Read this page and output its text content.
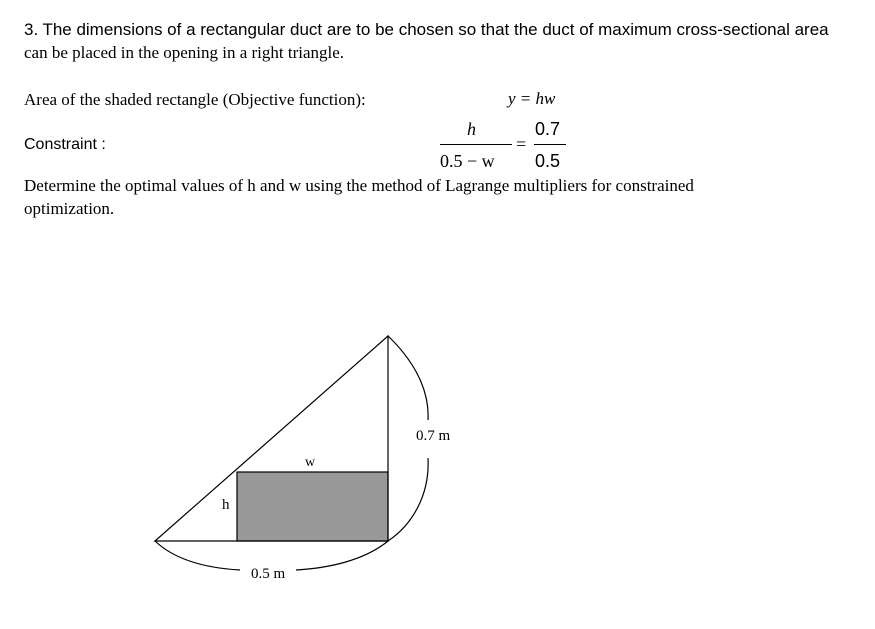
3. The dimensions of a rectangular duct are to be chosen so that the duct of maximum cross-sectional area
can be placed in the opening in a right triangle.
Area of the shaded rectangle (Objective function):	y = hw
Constraint :
h
0.5 − w
=
0.7
0.5
Determine the optimal values of h and w using the method of Lagrange multipliers for constrained
optimization.
0.7 m
w
h
0.5 m
